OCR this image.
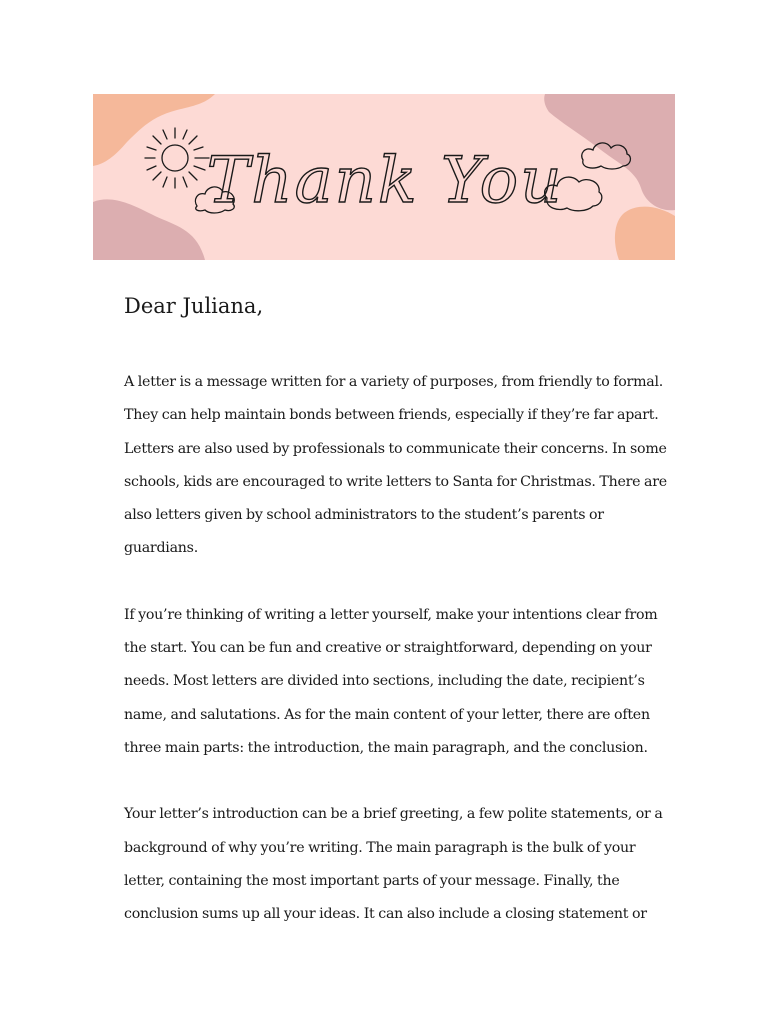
Thank You
Dear Juliana,

A letter is a message written for a variety of purposes, from friendly to formal.
They can help maintain bonds between friends, especially if they’re far apart.
Letters are also used by professionals to communicate their concerns. In some
schools, kids are encouraged to write letters to Santa for Christmas. There are
also letters given by school administrators to the student’s parents or
guardians.

If you’re thinking of writing a letter yourself, make your intentions clear from
the start. You can be fun and creative or straightforward, depending on your
needs. Most letters are divided into sections, including the date, recipient’s
name, and salutations. As for the main content of your letter, there are often
three main parts: the introduction, the main paragraph, and the conclusion.

Your letter’s introduction can be a brief greeting, a few polite statements, or a
background of why you’re writing. The main paragraph is the bulk of your
letter, containing the most important parts of your message. Finally, the
conclusion sums up all your ideas. It can also include a closing statement or
